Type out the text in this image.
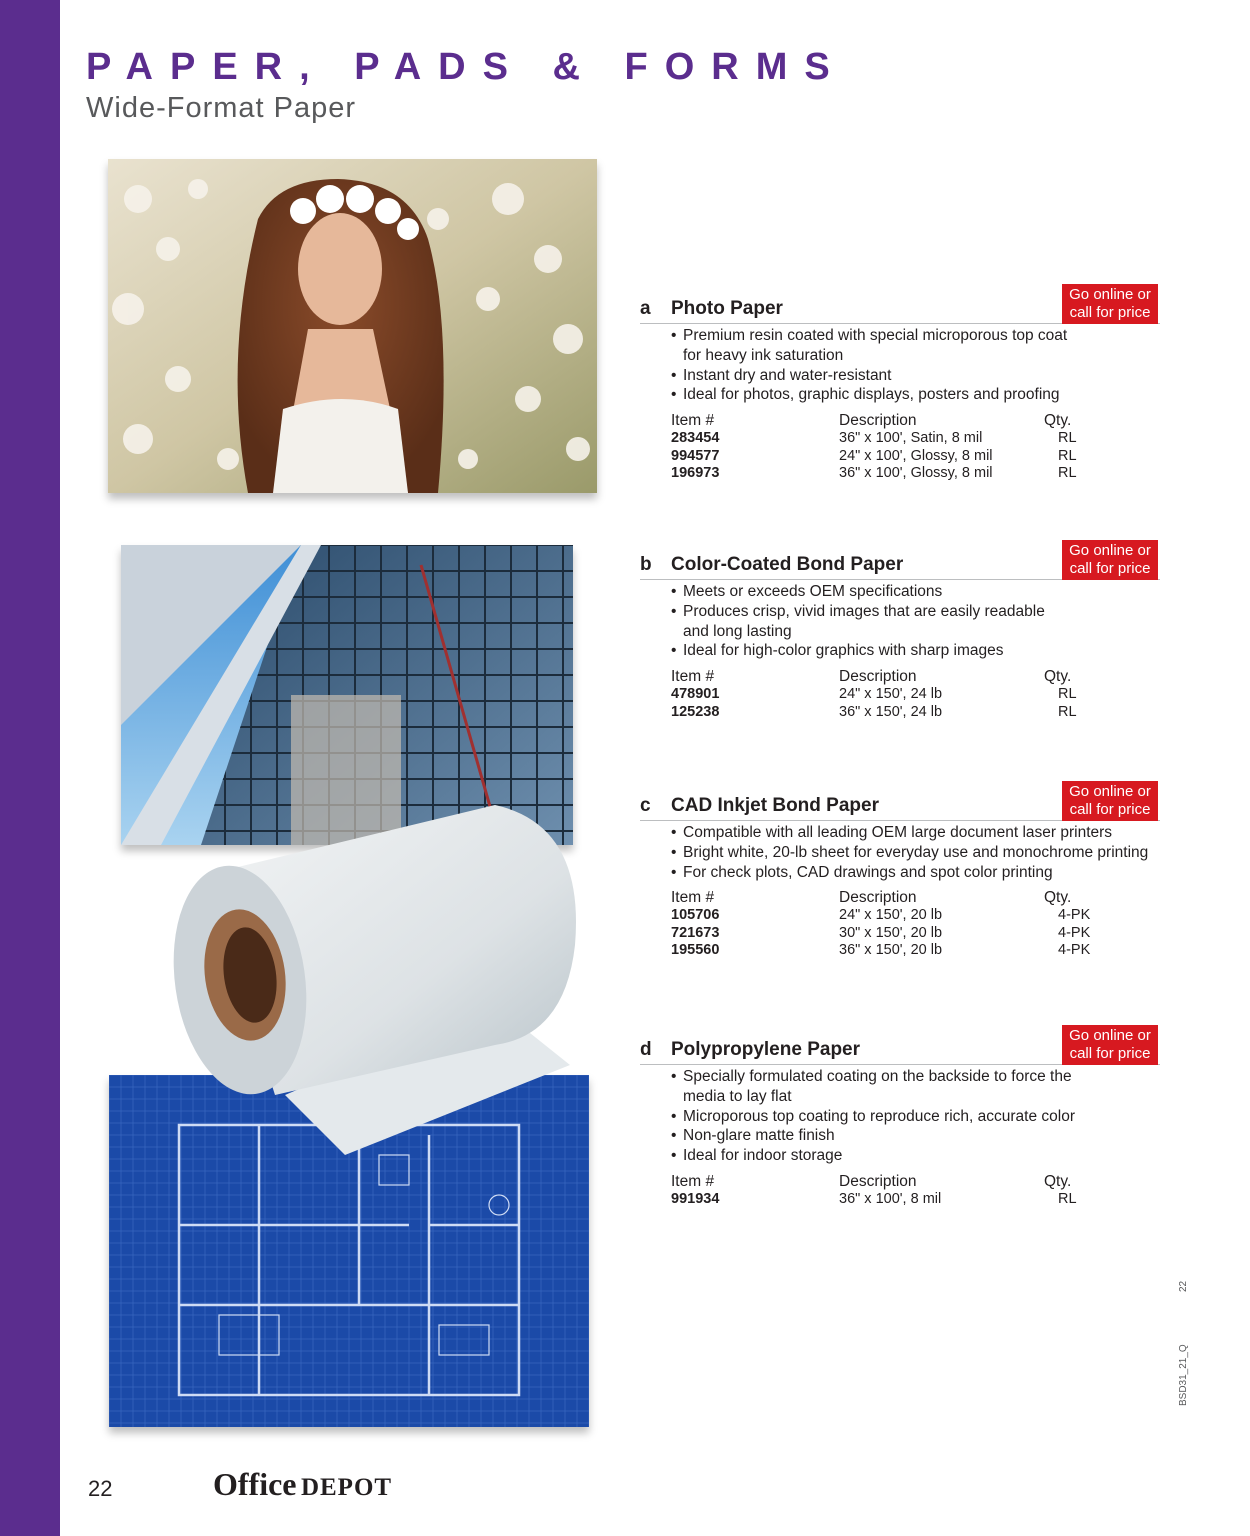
PAPER, PADS & FORMS
Wide-Format Paper
a Photo Paper
Go online or
call for price
• Premium resin coated with special microporous top coat
for heavy ink saturation
• Instant dry and water-resistant
• Ideal for photos, graphic displays, posters and proofing
Item #	Description	Qty.
283454	36" x 100', Satin, 8 mil	RL
994577	24" x 100', Glossy, 8 mil	RL
196973	36" x 100', Glossy, 8 mil	RL
b Color-Coated Bond Paper
Go online or
call for price
• Meets or exceeds OEM specifications
• Produces crisp, vivid images that are easily readable
and long lasting
• Ideal for high-color graphics with sharp images
Item #	Description	Qty.
478901	24" x 150', 24 lb	RL
125238	36" x 150', 24 lb	RL
c CAD Inkjet Bond Paper
Go online or
call for price
• Compatible with all leading OEM large document laser printers
• Bright white, 20-lb sheet for everyday use and monochrome printing
• For check plots, CAD drawings and spot color printing
Item #	Description	Qty.
105706	24" x 150', 20 lb	4-PK
721673	30" x 150', 20 lb	4-PK
195560	36" x 150', 20 lb	4-PK
d Polypropylene Paper
Go online or
call for price
• Specially formulated coating on the backside to force the
media to lay flat
• Microporous top coating to reproduce rich, accurate color
• Non-glare matte finish
• Ideal for indoor storage
Item #	Description	Qty.
991934	36" x 100', 8 mil	RL
22
BSD31_21_Q
22	Office DEPOT
